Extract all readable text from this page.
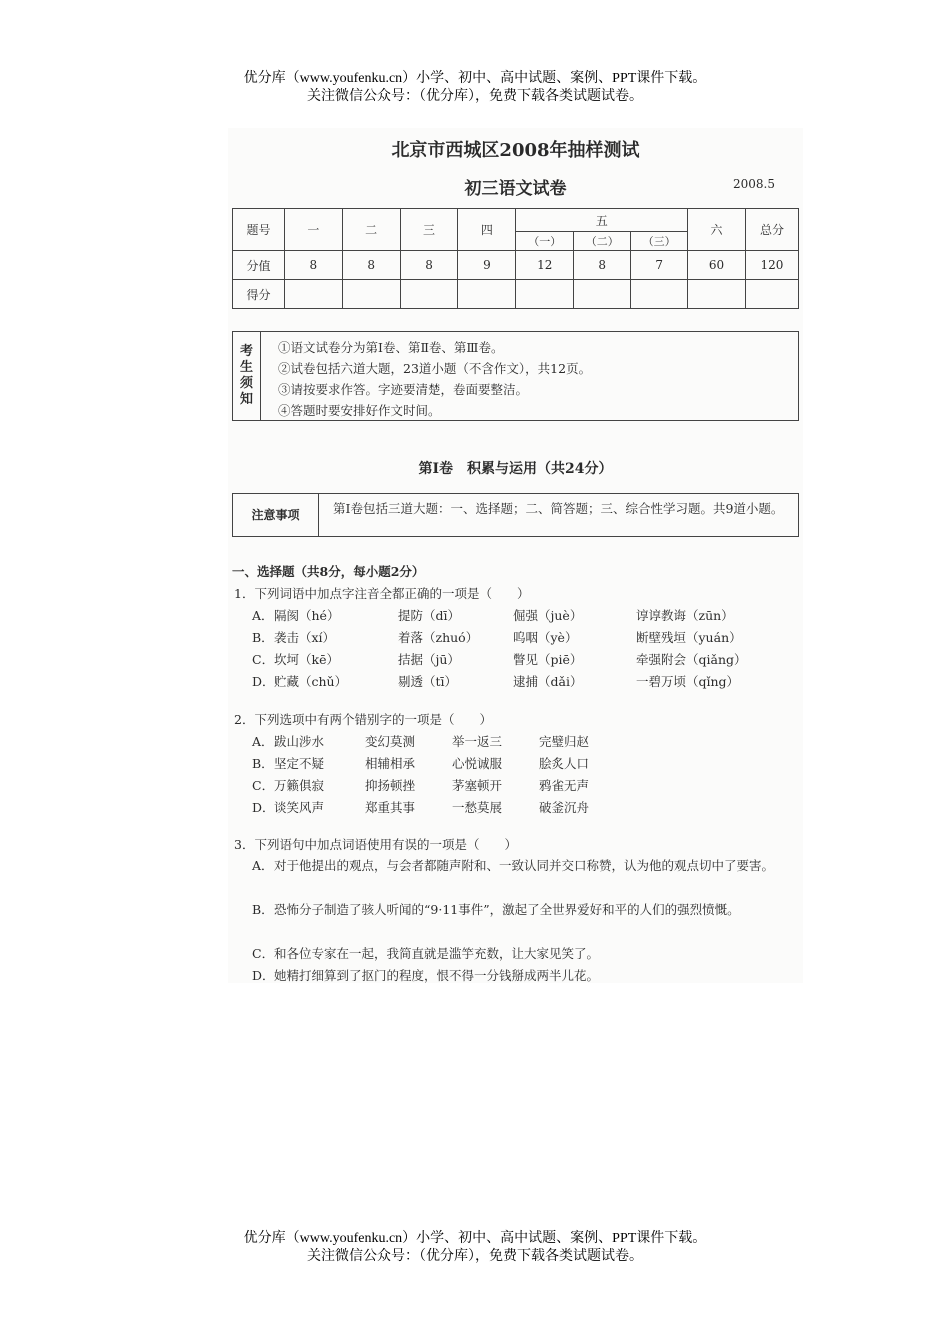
优分库（www.youfenku.cn）小学、初中、高中试题、案例、PPT课件下载。
关注微信公众号：（优分库），免费下载各类试题试卷。
北京市西城区2008年抽样测试
初三语文试卷	2008.5
题号	一	二	三	四	五			六	总分
					（一）	（二）	（三）		
分值	8	8	8	9	12	8	7	60	120
得分									
考
生
须
知
①语文试卷分为第Ⅰ卷、第Ⅱ卷、第Ⅲ卷。
②试卷包括六道大题，23道小题（不含作文），共12页。
③请按要求作答。字迹要清楚，卷面要整洁。
④答题时要安排好作文时间。
第Ⅰ卷　积累与运用（共24分）
注意事项	第Ⅰ卷包括三道大题：一、选择题；二、简答题；三、综合性学习题。共9道小题。
一、选择题（共8分，每小题2分）
1．下列词语中加点字注音全都正确的一项是（　　）
A．隔阂（hé）	提防（dī）	倔强（juè）	谆谆教诲（zūn）
B．袭击（xí）	着落（zhuó）	呜咽（yè）	断壁残垣（yuán）
C．坎坷（kē）	拮据（jū）	瞥见（piē）	牵强附会（qiǎng）
D．贮藏（chǔ）	剔透（tī）	逮捕（dǎi）	一碧万顷（qǐng）
2．下列选项中有两个错别字的一项是（　　）
A．跋山涉水	变幻莫测	举一返三	完璧归赵
B．坚定不疑	相辅相承	心悦诚服	脍炙人口
C．万籁俱寂	抑扬顿挫	茅塞顿开	鸦雀无声
D．谈笑风声	郑重其事	一愁莫展	破釜沉舟
3．下列语句中加点词语使用有误的一项是（　　）
A．对于他提出的观点，与会者都随声附和、一致认同并交口称赞，认为他的观点切中了要害。
B．恐怖分子制造了骇人听闻的“9·11事件”，激起了全世界爱好和平的人们的强烈愤慨。
C．和各位专家在一起，我简直就是滥竽充数，让大家见笑了。
D．她精打细算到了抠门的程度，恨不得一分钱掰成两半儿花。
优分库（www.youfenku.cn）小学、初中、高中试题、案例、PPT课件下载。
关注微信公众号：（优分库），免费下载各类试题试卷。
